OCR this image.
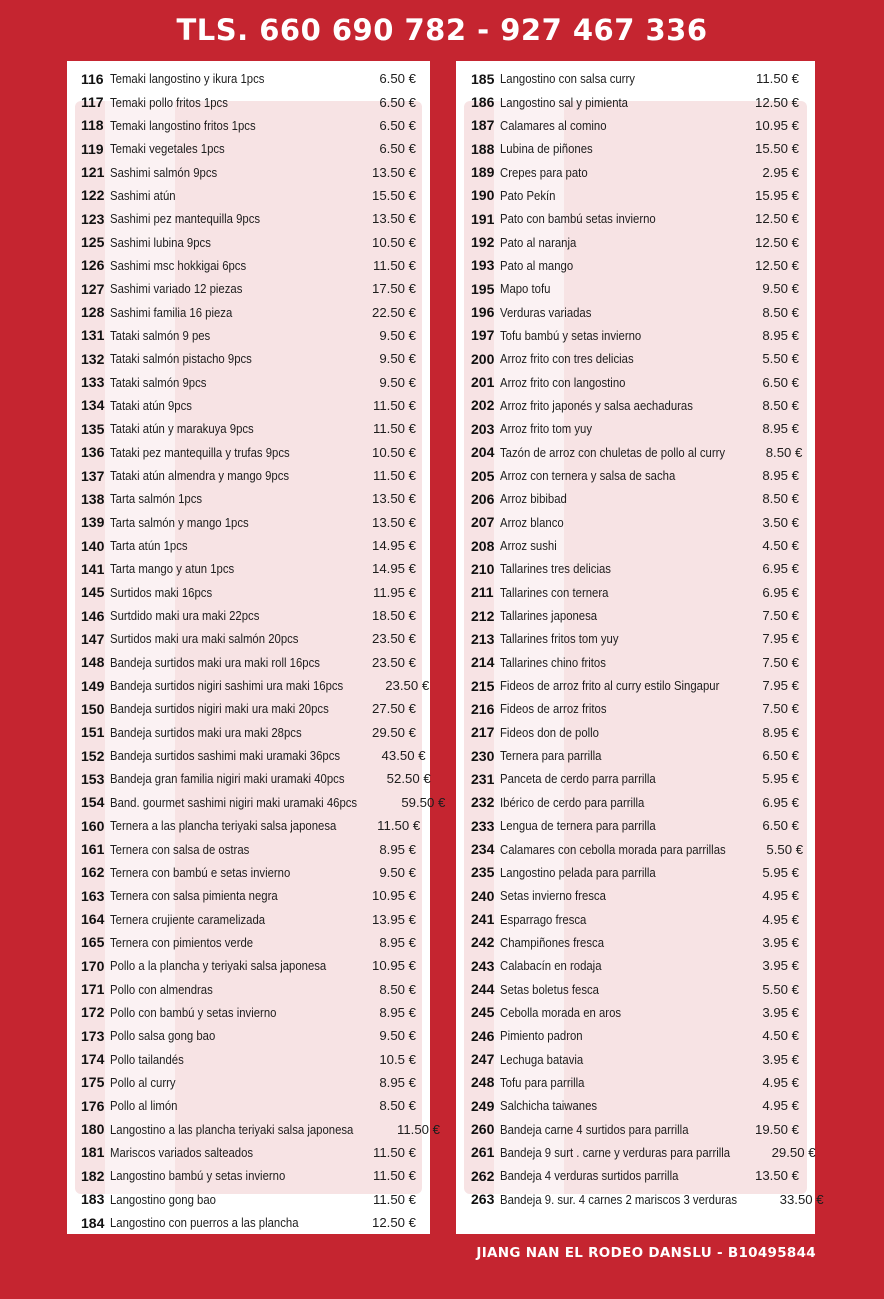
TLS. 660 690 782 - 927 467 336
116 Temaki langostino y ikura 1pcs	6.50 €
117 Temaki pollo fritos 1pcs	6.50 €
118 Temaki langostino fritos 1pcs	6.50 €
119 Temaki vegetales 1pcs	6.50 €
121 Sashimi salmón 9pcs	13.50 €
122 Sashimi atún	15.50 €
123 Sashimi pez mantequilla 9pcs	13.50 €
125 Sashimi lubina 9pcs	10.50 €
126 Sashimi msc hokkigai 6pcs	11.50 €
127 Sashimi variado 12 piezas	17.50 €
128 Sashimi familia 16 pieza	22.50 €
131 Tataki salmón 9 pes	9.50 €
132 Tataki salmón pistacho 9pcs	9.50 €
133 Tataki salmón 9pcs	9.50 €
134 Tataki atún 9pcs	11.50 €
135 Tataki atún y marakuya 9pcs	11.50 €
136 Tataki pez mantequilla y trufas 9pcs	10.50 €
137 Tataki atún almendra y mango 9pcs	11.50 €
138 Tarta salmón 1pcs	13.50 €
139 Tarta salmón y mango 1pcs	13.50 €
140 Tarta atún 1pcs	14.95 €
141 Tarta mango y atun 1pcs	14.95 €
145 Surtidos maki 16pcs	11.95 €
146 Surtdido maki ura maki 22pcs	18.50 €
147 Surtidos maki ura maki salmón 20pcs	23.50 €
148 Bandeja surtidos maki ura maki roll 16pcs	23.50 €
149 Bandeja surtidos nigiri sashimi ura maki 16pcs	23.50 €
150 Bandeja surtidos nigiri maki ura maki 20pcs	27.50 €
151 Bandeja surtidos maki ura maki 28pcs	29.50 €
152 Bandeja surtidos sashimi maki uramaki 36pcs	43.50 €
153 Bandeja gran familia nigiri maki uramaki 40pcs	52.50 €
154 Band. gourmet sashimi nigiri maki uramaki 46pcs	59.50 €
160 Ternera a las plancha teriyaki salsa japonesa	11.50 €
161 Ternera con salsa de ostras	8.95 €
162 Ternera con bambú e setas invierno	9.50 €
163 Ternera con salsa pimienta negra	10.95 €
164 Ternera crujiente caramelizada	13.95 €
165 Ternera con pimientos verde	8.95 €
170 Pollo a la plancha y teriyaki salsa japonesa	10.95 €
171 Pollo con almendras	8.50 €
172 Pollo con bambú y setas invierno	8.95 €
173 Pollo salsa gong bao	9.50 €
174 Pollo tailandés	10.5 €
175 Pollo al curry	8.95 €
176 Pollo al limón	8.50 €
180 Langostino a las plancha teriyaki salsa japonesa	11.50 €
181 Mariscos variados salteados	11.50 €
182 Langostino bambú y setas invierno	11.50 €
183 Langostino gong bao	11.50 €
184 Langostino con puerros a las plancha	12.50 €
185 Langostino con salsa curry	11.50 €
186 Langostino sal y pimienta	12.50 €
187 Calamares al comino	10.95 €
188 Lubina de piñones	15.50 €
189 Crepes para pato	2.95 €
190 Pato Pekín	15.95 €
191 Pato con bambú setas invierno	12.50 €
192 Pato al naranja	12.50 €
193 Pato al mango	12.50 €
195 Mapo tofu	9.50 €
196 Verduras variadas	8.50 €
197 Tofu bambú y setas invierno	8.95 €
200 Arroz frito con tres delicias	5.50 €
201 Arroz frito con langostino	6.50 €
202 Arroz frito japonés y salsa aechaduras	8.50 €
203 Arroz frito tom yuy	8.95 €
204 Tazón de arroz con chuletas de pollo al curry	8.50 €
205 Arroz con ternera y salsa de sacha	8.95 €
206 Arroz bibibad	8.50 €
207 Arroz blanco	3.50 €
208 Arroz sushi	4.50 €
210 Tallarines tres delicias	6.95 €
211 Tallarines con ternera	6.95 €
212 Tallarines japonesa	7.50 €
213 Tallarines fritos tom yuy	7.95 €
214 Tallarines chino fritos	7.50 €
215 Fideos de arroz frito al curry estilo Singapur	7.95 €
216 Fideos de arroz fritos	7.50 €
217 Fideos don de pollo	8.95 €
230 Ternera para parrilla	6.50 €
231 Panceta de cerdo parra parrilla	5.95 €
232 Ibérico de cerdo para parrilla	6.95 €
233 Lengua de ternera para parrilla	6.50 €
234 Calamares con cebolla morada para parrillas	5.50 €
235 Langostino pelada para parrilla	5.95 €
240 Setas invierno fresca	4.95 €
241 Esparrago fresca	4.95 €
242 Champiñones fresca	3.95 €
243 Calabacín en rodaja	3.95 €
244 Setas boletus fesca	5.50 €
245 Cebolla morada en aros	3.95 €
246 Pimiento padron	4.50 €
247 Lechuga batavia	3.95 €
248 Tofu para parrilla	4.95 €
249 Salchicha taiwanes	4.95 €
260 Bandeja carne 4 surtidos para parrilla	19.50 €
261 Bandeja 9 surt . carne y verduras para parrilla	29.50 €
262 Bandeja 4 verduras surtidos parrilla	13.50 €
263 Bandeja 9. sur. 4 carnes 2 mariscos 3 verduras	33.50 €
JIANG NAN EL RODEO DANSLU - B10495844
